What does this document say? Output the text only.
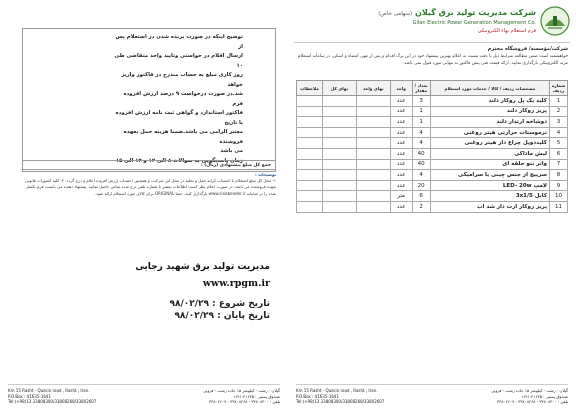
شرکت مدیریت تولید برق گیلان (سهامی خاص)
Gilan Electric Power Generation Management Co.
فرم استعلام بهاء الکترونیکی
شرکت/مؤسسه/ فروشگاه محترم
خواهشمند است ضمن مطالعه شرایط ذیل با دقت نسبت به اعلام بهترین پیشنهاد خود در این برگ اقدام و پس از مهر، امضاء و اسکن، در سامانه استعلام مزید الکترونیکی بارگذاری نمایید. ارائه قیمت فنی پیش فاکتور به تنهایی مورد قبول نمی باشد.
شماره ردیف	مشخصات ردیف / کالا / خدمات مورد استعلام	تعداد / مقدار	واحد	بهای واحد	بهای کل	ملاحظات
1	کلید یک پل روکار دلند	3	عدد			
2	پریز روکار دلند	1	عدد			
3	دوشاخه ارتدار دلند	1	عدد			
4	ترموستات حرارتی هیتر روغنی	4	عدد			
5	کلیددوپل چراغ دار هیتر روغنی	4	عدد			
6	لیش ماداکی	40	عدد			
7	واتر نتو حلقه ای	40	عدد			
8	سرپیچ از جنس چینی یا سرامیکی	4	عدد			
9	لامپ LED- 20w	20	عدد			
10	کابل 3x1/5	6	متر			
11	پریز روکار ارت دار شد اب	2	عدد			
Km 15 Rasht - Qazvin road , Rasht , Iran.
P.O.Box : 41635-1641
Tel:(+98)13 33808300/33808268/33802607
گیلان - رشت - کیلومتر ۱۵ جاده رشت - قزوین
صندوق پستی : ۴۱۶۳۵-۱۶۴۱
تلفن : ۳۳۸۰۸۳۰۰ - ۳۳۸۰۸۲۶۸ - ۳۳۸۰۲۶۰۷
توضیح اینکه در صورت برنده شدن در استعلام پس از
ارسال اقلام در خواستی وتایید واحد متقاضی طی ۱۰
روز کاری مبلغ به حساب مندرج در فاکتور واریز خواهد
شد.در صورت درخواست ۹ درصد ارزش افزوده فرم
فاکتور استاندارد و گواهی ثبت نامه ارزش افزوده با تاریخ
معتبر الزامی می باشد.ضمنا هزینه حمل بعهده فروشنده
می باشد
زمان پاسخگویی به سوالات ۸ الی ۱۲ و ۱۳ الی ۱۵
جمع کل مبلغ پیشنهادی (ریال) :
توضیحات :
۱- محل کل مبلغ استعلام با احتساب کرایه حمل و تخلیه در محل این شرکت، و همچنین احتساب ارزش افزوده اعلام و درج گردد. ۲- کلیه کسورات قانونی بعهده فروشنده می باشد. در صورت اعلام نظر کسب اطلاعات بیشتر با شماره تلفن درج شده تماس حاصل نمایید. پیشنهاد دهنده می بایست فرم تکمیل شده را در سامانه www.sinabender.ir بارگذاری کنید. حتما ORIGINAL برای کالای مورد استعلام ارائه شود.
مدیریت تولید برق شهید رجایی
www.rpgm.ir
تاریخ شروع : ۹۸/۰۲/۲۹
تاریخ پایان : ۹۸/۰۲/۲۹
Km 15 Rasht - Qazvin road , Rasht , Iran.
P.O.Box : 41635-1641
Tel:(+98)13 33808300/33808268/33802607
گیلان - رشت - کیلومتر ۱۵ جاده رشت - قزوین
صندوق پستی : ۴۱۶۳۵-۱۶۴۱
تلفن : ۳۳۸۰۸۳۰۰ - ۳۳۸۰۸۲۶۸ - ۳۳۸۰۲۶۰۷
